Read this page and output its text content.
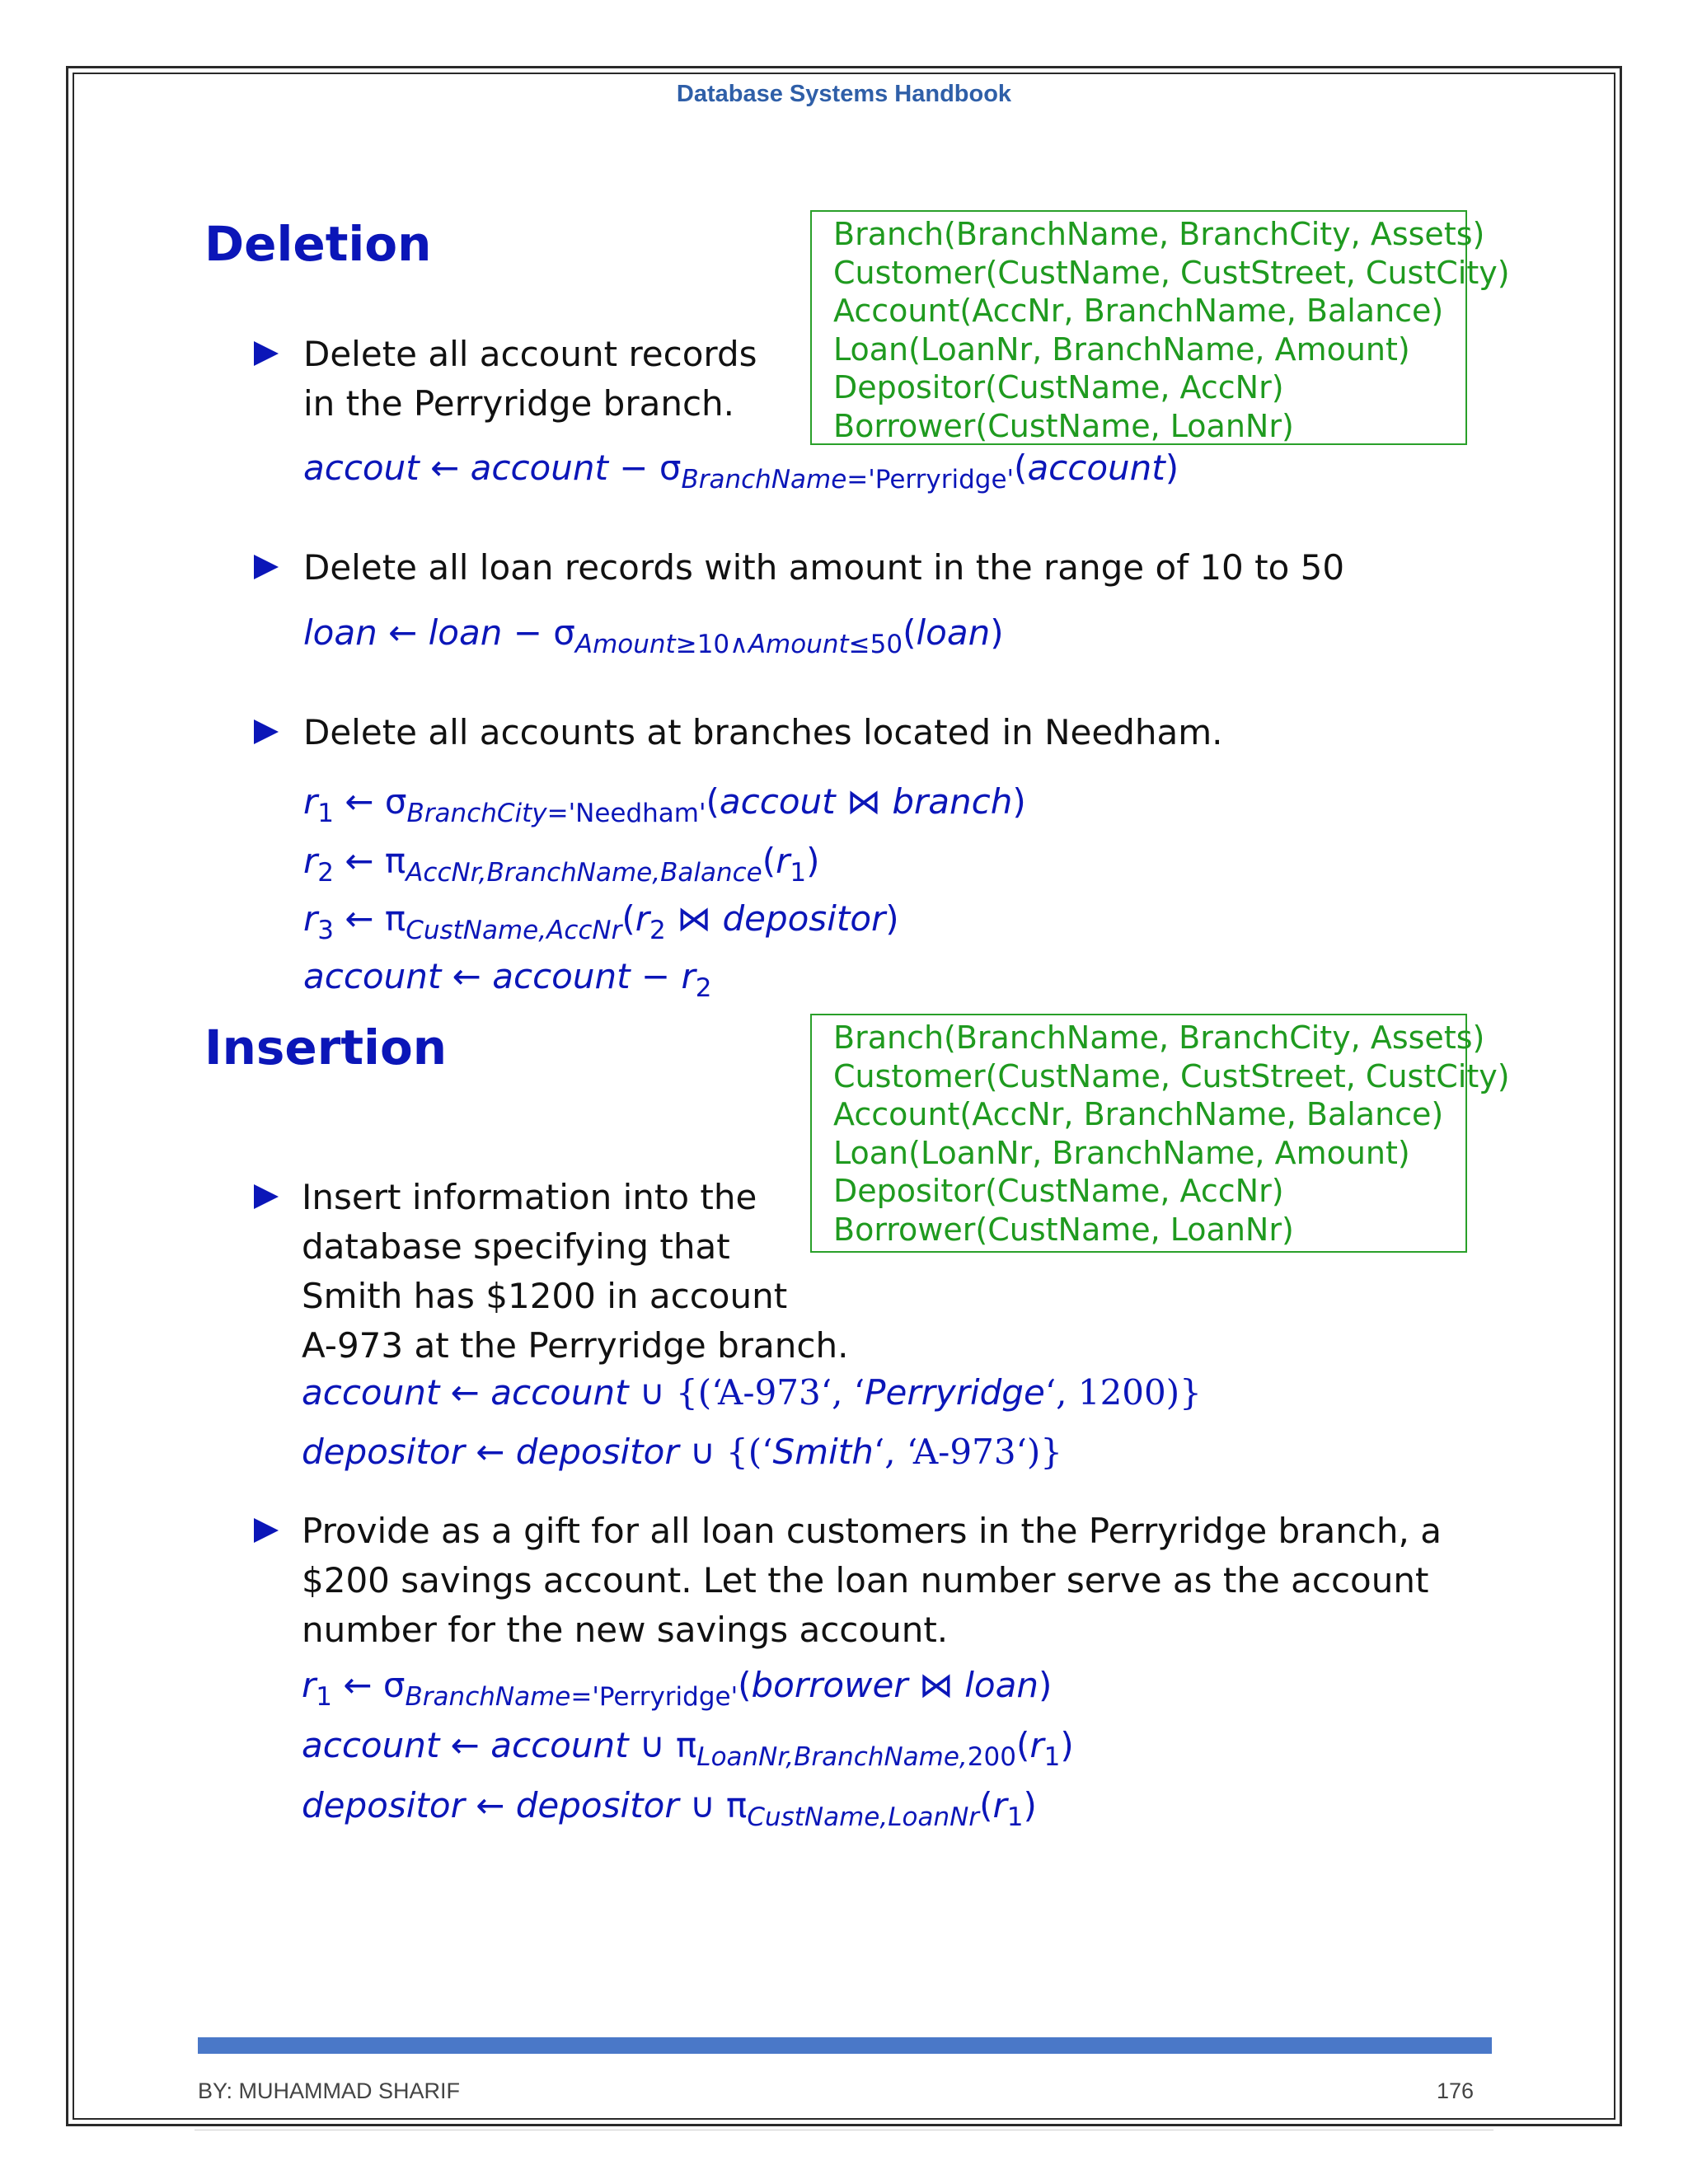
Database Systems Handbook
Deletion	Branch(BranchName, BranchCity, Assets)
Customer(CustName, CustStreet, CustCity)
Account(AccNr, BranchName, Balance)
Loan(LoanNr, BranchName, Amount)
Depositor(CustName, AccNr)
Borrower(CustName, LoanNr)
Delete all account records
in the Perryridge branch.
accout ← account − $\sigma_{BranchName='Perryridge'}(account)$
Delete all loan records with amount in the range of 10 to 50
loan ← loan − $\sigma_{Amount\ge 10\wedge Amount\le 50}(loan)$
Delete all accounts at branches located in Needham.
$r_1$ ← $\sigma_{BranchCity='Needham'}(accout$ ⋈ branch)
$r_2$ ← $\pi_{AccNr,BranchName,Balance}(r_1)$
$r_3$ ← $\pi_{CustName,AccNr}(r_2$ ⋈ depositor)
account ← account − $r_2$
Insertion	Branch(BranchName, BranchCity, Assets)
Customer(CustName, CustStreet, CustCity)
Account(AccNr, BranchName, Balance)
Loan(LoanNr, BranchName, Amount)
Depositor(CustName, AccNr)
Borrower(CustName, LoanNr)
Insert information into the
database specifying that
Smith has $1200 in account
A-973 at the Perryridge branch.
account ← account ∪ {(‘A-973‘, ‘Perryridge‘, 1200)}
depositor ← depositor ∪ {(‘Smith‘, ‘A-973‘)}
Provide as a gift for all loan customers in the Perryridge branch, a
$200 savings account. Let the loan number serve as the account
number for the new savings account.
$r_1$ ← $\sigma_{BranchName='Perryridge'}(borrower$ ⋈ loan)
account ← account ∪ $\pi_{LoanNr,BranchName,200}(r_1)$
depositor ← depositor ∪ $\pi_{CustName,LoanNr}(r_1)$
BY: MUHAMMAD SHARIF	176
